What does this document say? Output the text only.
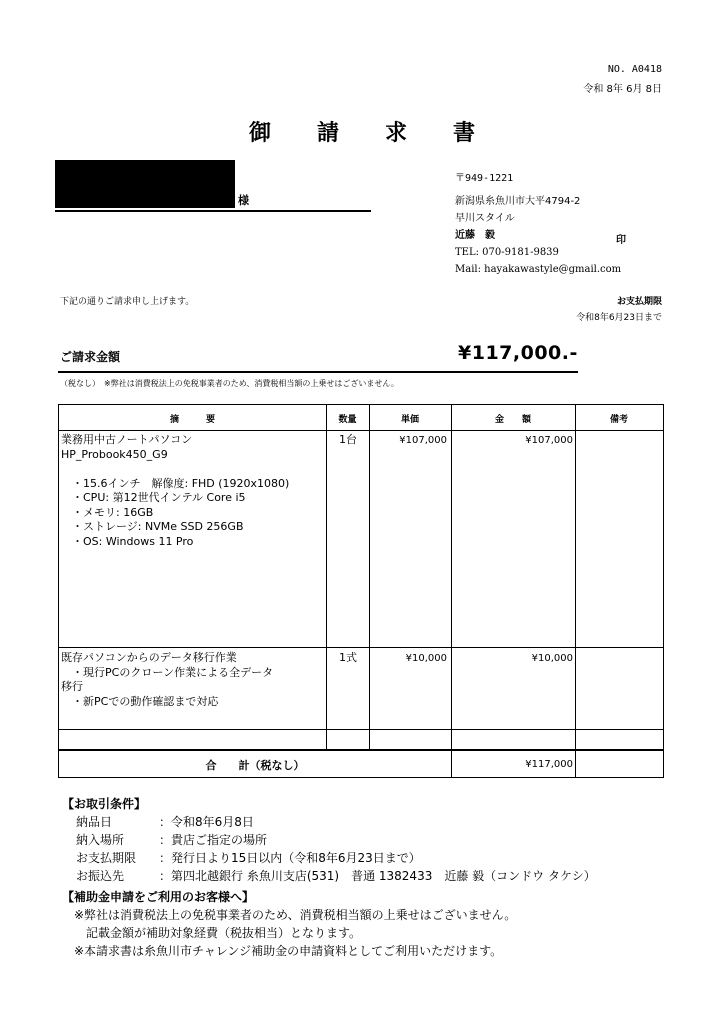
NO. A0418
令和 8年 6月 8日
御請求書
様
〒949-1221
新潟県糸魚川市大平4794-2
早川スタイル
近藤　毅	印
TEL: 070-9181-9839
Mail: hayakawastyle@gmail.com
下記の通りご請求申し上げます。	お支払期限
令和8年6月23日まで
ご請求金額	¥117,000.-
（税なし）　※弊社は消費税法上の免税事業者のため、消費税相当額の上乗せはございません。
摘　　　要	数量	単価	金　　額	備考
業務用中古ノートパソコン
HP_Probook450_G9

　・15.6インチ　解像度: FHD (1920x1080)
　・CPU: 第12世代インテル Core i5
　・メモリ: 16GB
　・ストレージ: NVMe SSD 256GB
　・OS: Windows 11 Pro
1台	¥107,000	¥107,000
既存パソコンからのデータ移行作業
　・現行PCのクローン作業による全データ
移行
　・新PCでの動作確認まで対応
1式	¥10,000	¥10,000
合　　計（税なし）	¥117,000
【お取引条件】
納品日	：令和8年6月8日
納入場所	：貴店ご指定の場所
お支払期限 ：発行日より15日以内（令和8年6月23日まで）
お振込先	：第四北越銀行 糸魚川支店(531)　普通 1382433　近藤 毅（コンドウ タケシ）
【補助金申請をご利用のお客様へ】
※弊社は消費税法上の免税事業者のため、消費税相当額の上乗せはございません。
　記載金額が補助対象経費（税抜相当）となります。
※本請求書は糸魚川市チャレンジ補助金の申請資料としてご利用いただけます。
